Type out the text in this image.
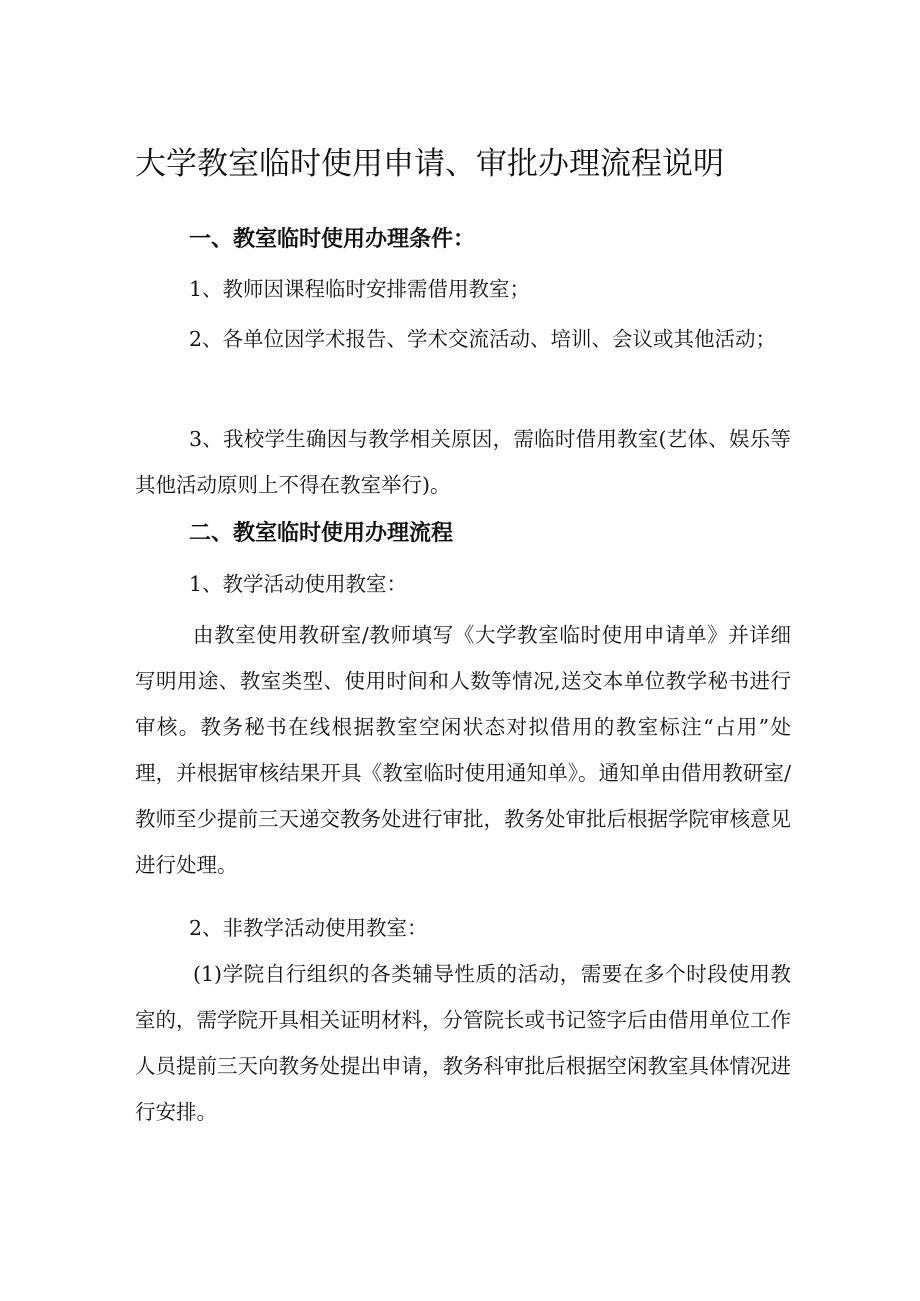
大学教室临时使用申请、审批办理流程说明
一、教室临时使用办理条件：
1、教师因课程临时安排需借用教室；
2、各单位因学术报告、学术交流活动、培训、会议或其他活动；
3、我校学生确因与教学相关原因，需临时借用教室(艺体、娱乐等其他活动原则上不得在教室举行)。
二、教室临时使用办理流程
1、教学活动使用教室：
由教室使用教研室/教师填写《大学教室临时使用申请单》并详细写明用途、教室类型、使用时间和人数等情况,送交本单位教学秘书进行审核。教务秘书在线根据教室空闲状态对拟借用的教室标注“占用”处理，并根据审核结果开具《教室临时使用通知单》。通知单由借用教研室/教师至少提前三天递交教务处进行审批，教务处审批后根据学院审核意见进行处理。
2、非教学活动使用教室：
(1)学院自行组织的各类辅导性质的活动，需要在多个时段使用教室的，需学院开具相关证明材料，分管院长或书记签字后由借用单位工作人员提前三天向教务处提出申请，教务科审批后根据空闲教室具体情况进行安排。
